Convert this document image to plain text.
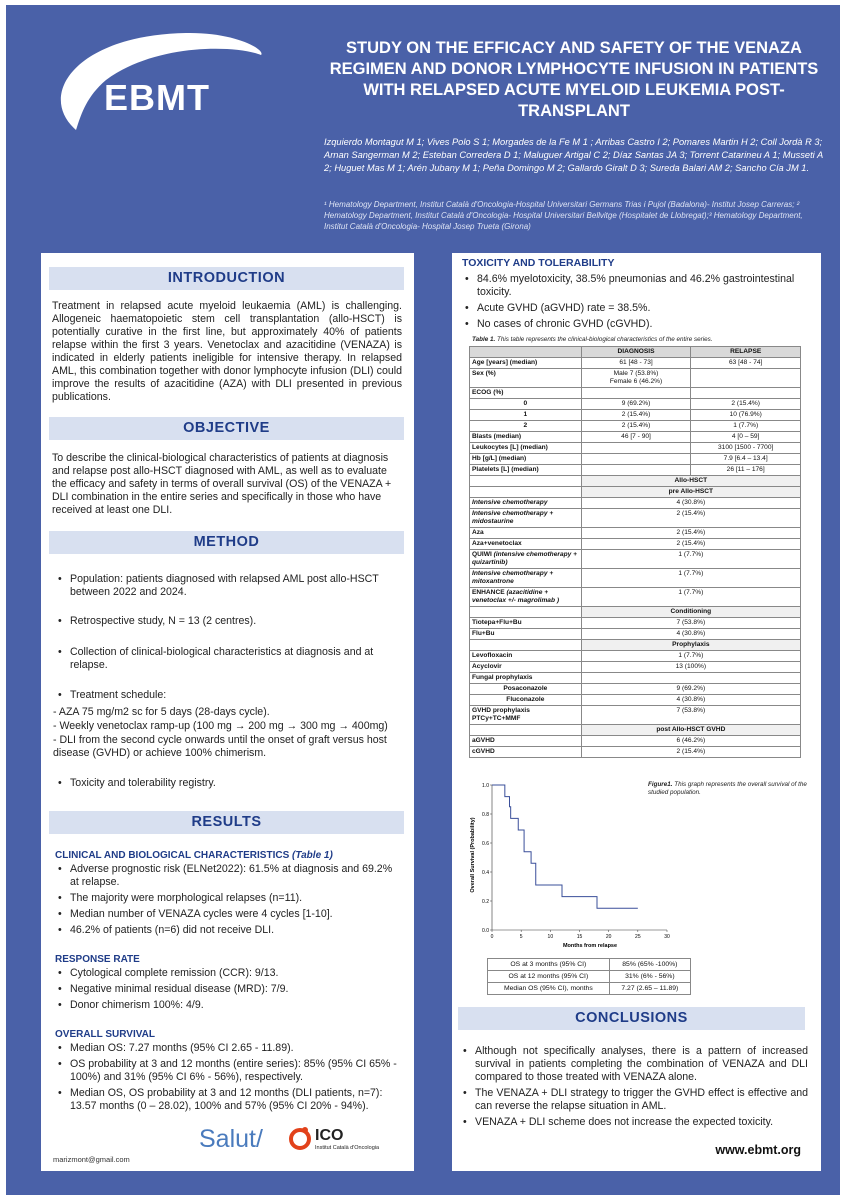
EBMT
STUDY ON THE EFFICACY AND SAFETY OF THE VENAZA REGIMEN AND DONOR LYMPHOCYTE INFUSION IN PATIENTS WITH RELAPSED ACUTE MYELOID LEUKEMIA POST-TRANSPLANT
Izquierdo Montagut M 1; Vives Polo S 1; Morgades de la Fe M 1 ; Arribas Castro I 2; Pomares Martin H 2; Coll Jordà R 3; Arnan Sangerman M 2; Esteban Corredera D 1; Maluguer Artigal C 2; Díaz Santas JA 3; Torrent Catarineu A 1; Musseti A 2; Huguet Mas M 1; Arén Jubany M 1; Peña Domingo M 2; Gallardo Giralt D 3; Sureda Balari AM 2; Sancho Cía JM 1.
¹ Hematology Department, Institut Català d'Oncologia-Hospital Universitari Germans Trias i Pujol (Badalona)- Institut Josep Carreras; ² Hematology Department, Institut Català d'Oncologia- Hospital Universitari Bellvitge (Hospitalet de Llobregat);³ Hematology Department, Institut Català d'Oncologia- Hospital Josep Trueta (Girona)
INTRODUCTION
Treatment in relapsed acute myeloid leukaemia (AML) is challenging. Allogeneic haematopoietic stem cell transplantation (allo-HSCT) is potentially curative in the first line, but approximately 40% of patients relapse within the first 3 years. Venetoclax and azacitidine (VENAZA) is indicated in elderly patients ineligible for intensive therapy. In relapsed AML, this combination together with donor lymphocyte infusion (DLI) could improve the results of azacitidine (AZA) with DLI presented in previous publications.
OBJECTIVE
To describe the clinical-biological characteristics of patients at diagnosis and relapse post allo-HSCT diagnosed with AML, as well as to evaluate the efficacy and safety in terms of overall survival (OS) of the VENAZA + DLI combination in the entire series and specifically in those who have received at least one DLI.
METHOD
• Population: patients diagnosed with relapsed AML post allo-HSCT between 2022 and 2024.
• Retrospective study, N = 13 (2 centres).
• Collection of clinical-biological characteristics at diagnosis and at relapse.
• Treatment schedule:
- AZA 75 mg/m2 sc for 5 days (28-days cycle).
- Weekly venetoclax ramp-up (100 mg → 200 mg → 300 mg → 400mg)
- DLI from the second cycle onwards until the onset of graft versus host disease (GVHD) or achieve 100% chimerism.
• Toxicity and tolerability registry.
RESULTS
CLINICAL AND BIOLOGICAL CHARACTERISTICS (Table 1)
• Adverse prognostic risk (ELNet2022): 61.5% at diagnosis and 69.2% at relapse.
• The majority were morphological relapses (n=11).
• Median number of VENAZA cycles were 4 cycles [1-10].
• 46.2% of patients (n=6) did not receive DLI.
RESPONSE RATE
• Cytological complete remission (CCR): 9/13.
• Negative minimal residual disease (MRD): 7/9.
• Donor chimerism 100%: 4/9.
OVERALL SURVIVAL
• Median OS: 7.27 months (95% CI 2.65 - 11.89).
• OS probability at 3 and 12 months (entire series): 85% (95% CI 65% - 100%) and 31% (95% CI 6% - 56%), respectively.
• Median OS, OS probability at 3 and 12 months (DLI patients, n=7): 13.57 months (0 – 28.02), 100% and 57% (95% CI 20% - 94%).
Salut/	ICO
Institut Català d'Oncologia
marizmont@gmail.com
TOXICITY AND TOLERABILITY
• 84.6% myelotoxicity, 38.5% pneumonias and 46.2% gastrointestinal toxicity.
• Acute GVHD (aGVHD) rate = 38.5%.
• No cases of chronic GVHD (cGVHD).
Table 1. This table represents the clinical-biological characteristics of the entire series.
	DIAGNOSIS	RELAPSE
Age [years] (median)	61 [48 - 73]	63 [48 - 74]
Sex (%)	Male 7 (53.8%)
Female 6 (46.2%)	

ECOG (%)		
0	9 (69.2%)	2 (15.4%)
1	2 (15.4%)	10 (76.9%)
2	2 (15.4%)	1 (7.7%)
Blasts (median)	46 [7 - 90]	4 [0 – 59]
Leukocytes [L] (median)		3100 [1500 - 7700]
Hb [g/L] (median)		7.9 [6.4 – 13.4]
Platelets [L] (median)		26 [11 – 176]
	Allo-HSCT	
	pre Allo-HSCT	
Intensive chemotherapy	4 (30.8%)	
Intensive chemotherapy + midostaurine	2 (15.4%)	
Aza	2 (15.4%)	
Aza+venetoclax	2 (15.4%)	
QUIWI (intensive chemotherapy + quizartinib)	1 (7.7%)	
Intensive chemotherapy + mitoxantrone	1 (7.7%)	
ENHANCE (azacitidine + venetoclax +/- magrolimab )	1 (7.7%)	
	Conditioning	
Tiotepa+Flu+Bu	7 (53.8%)	
Flu+Bu	4 (30.8%)	
	Prophylaxis	
Levofloxacin	1 (7.7%)	
Acyclovir	13 (100%)	
Fungal prophylaxis		
Posaconazole	9 (69.2%)	
Fluconazole	4 (30.8%)	

GVHD prophylaxis
PTCy+TC+MMF	7 (53.8%)	
	post Allo-HSCT GVHD	
aGVHD	6 (46.2%)	
cGVHD	2 (15.4%)	
Figure1. This graph represents the overall survival of the studied population.
0	5	10	15	20	25	30
0.0
0.2
0.4
0.6
0.8
1.0
Months from relapse
Overall Survival (Probability)
OS at 3 months (95% CI)	85% (65% -100%)
OS at 12 months (95% CI)	31% (6% - 56%)
Median OS (95% CI), months	7.27 (2.65 – 11.89)
CONCLUSIONS
• Although not specifically analyses, there is a pattern of increased survival in patients completing the combination of VENAZA and DLI compared to those treated with VENAZA alone.
• The VENAZA + DLI strategy to trigger the GVHD effect is effective and can reverse the relapse situation in AML.
• VENAZA + DLI scheme does not increase the expected toxicity.
www.ebmt.org
